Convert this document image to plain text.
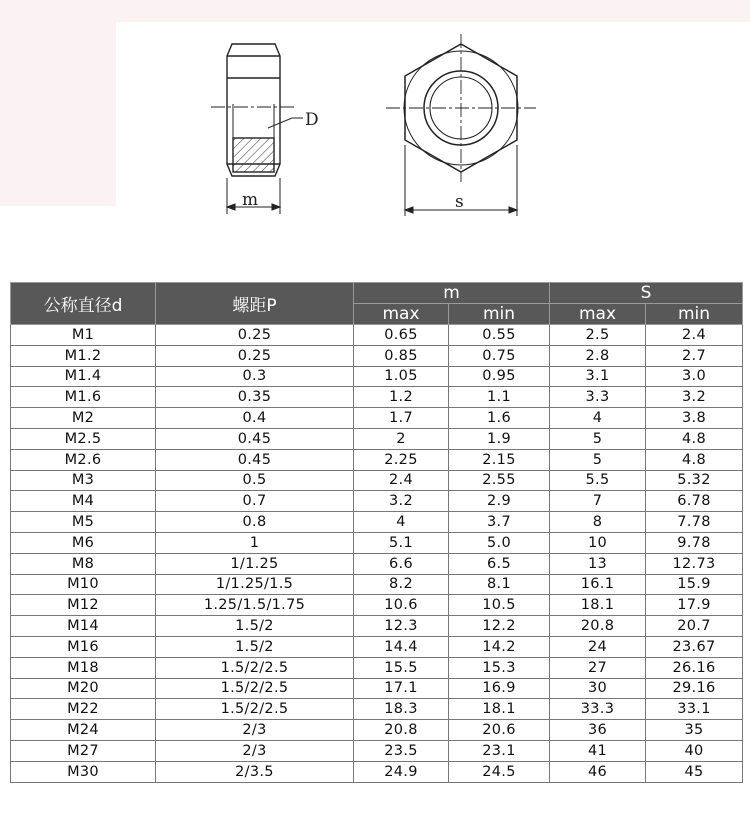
D
m	s
公称直径d	螺距P	m		S	
		max	min	max	min
M1	0.25	0.65	0.55	2.5	2.4
M1.2	0.25	0.85	0.75	2.8	2.7
M1.4	0.3	1.05	0.95	3.1	3.0
M1.6	0.35	1.2	1.1	3.3	3.2
M2	0.4	1.7	1.6	4	3.8
M2.5	0.45	2	1.9	5	4.8
M2.6	0.45	2.25	2.15	5	4.8
M3	0.5	2.4	2.55	5.5	5.32
M4	0.7	3.2	2.9	7	6.78
M5	0.8	4	3.7	8	7.78
M6	1	5.1	5.0	10	9.78
M8	1/1.25	6.6	6.5	13	12.73
M10	1/1.25/1.5	8.2	8.1	16.1	15.9
M12	1.25/1.5/1.75	10.6	10.5	18.1	17.9
M14	1.5/2	12.3	12.2	20.8	20.7
M16	1.5/2	14.4	14.2	24	23.67
M18	1.5/2/2.5	15.5	15.3	27	26.16
M20	1.5/2/2.5	17.1	16.9	30	29.16
M22	1.5/2/2.5	18.3	18.1	33.3	33.1
M24	2/3	20.8	20.6	36	35
M27	2/3	23.5	23.1	41	40
M30	2/3.5	24.9	24.5	46	45
